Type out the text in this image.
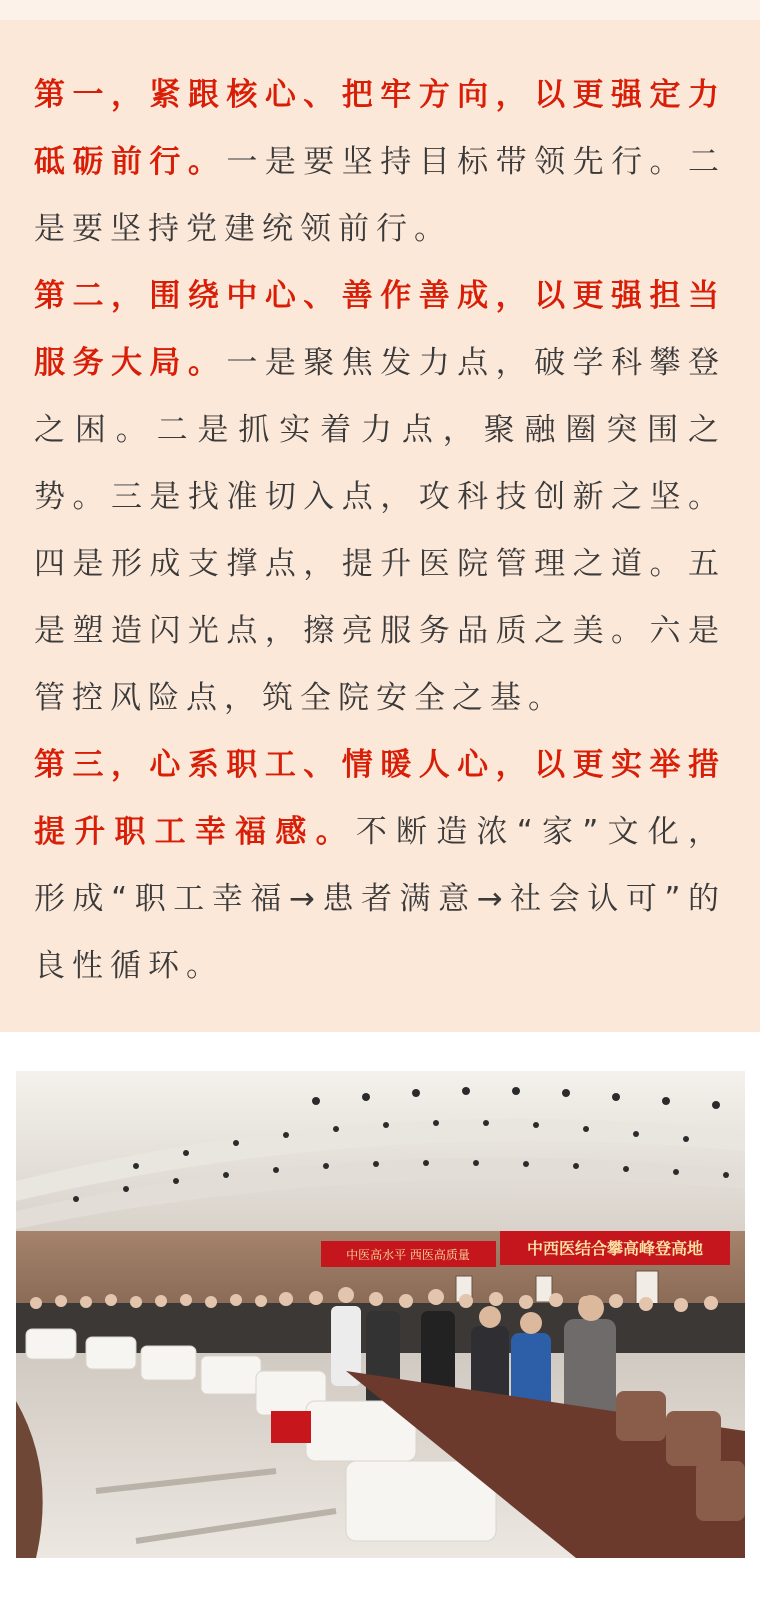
第一，紧跟核心、把牢方向，以更强定力砥砺前行。一是要坚持目标带领先行。二是要坚持党建统领前行。

第二，围绕中心、善作善成，以更强担当服务大局。一是聚焦发力点，破学科攀登之困。二是抓实着力点，聚融圈突围之势。三是找准切入点，攻科技创新之坚。四是形成支撑点，提升医院管理之道。五是塑造闪光点，擦亮服务品质之美。六是管控风险点，筑全院安全之基。

第三，心系职工、情暖人心，以更实举措提升职工幸福感。不断造浓“家”文化，形成“职工幸福→患者满意→社会认可”的良性循环。

中医高水平 西医高质量	中西医结合攀高峰登高地
